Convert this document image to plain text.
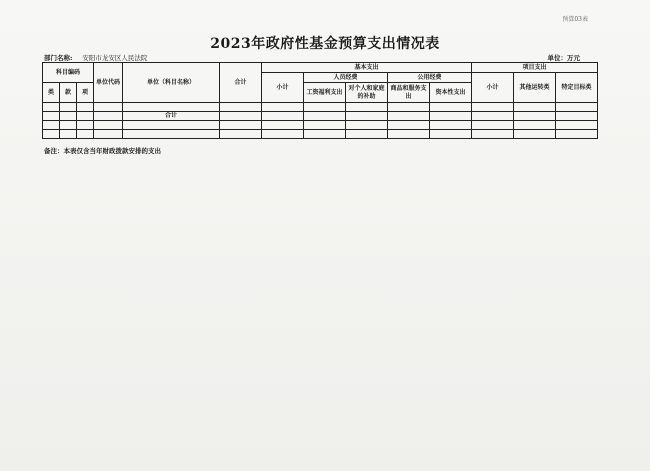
预算03表
2023年政府性基金预算支出情况表
部门名称: 安阳市龙安区人民法院	单位：万元
科目编码			单位代码	单位（科目名称）	合计	基本支出					项目支出		
						小计	人员经费		公用经费		小计	其他运转类	特定目标类
类	款	项					工资福利支出	对个人和家庭的补助	商品和服务支出	资本性支出			

				合计									

备注：本表仅含当年财政拨款安排的支出
